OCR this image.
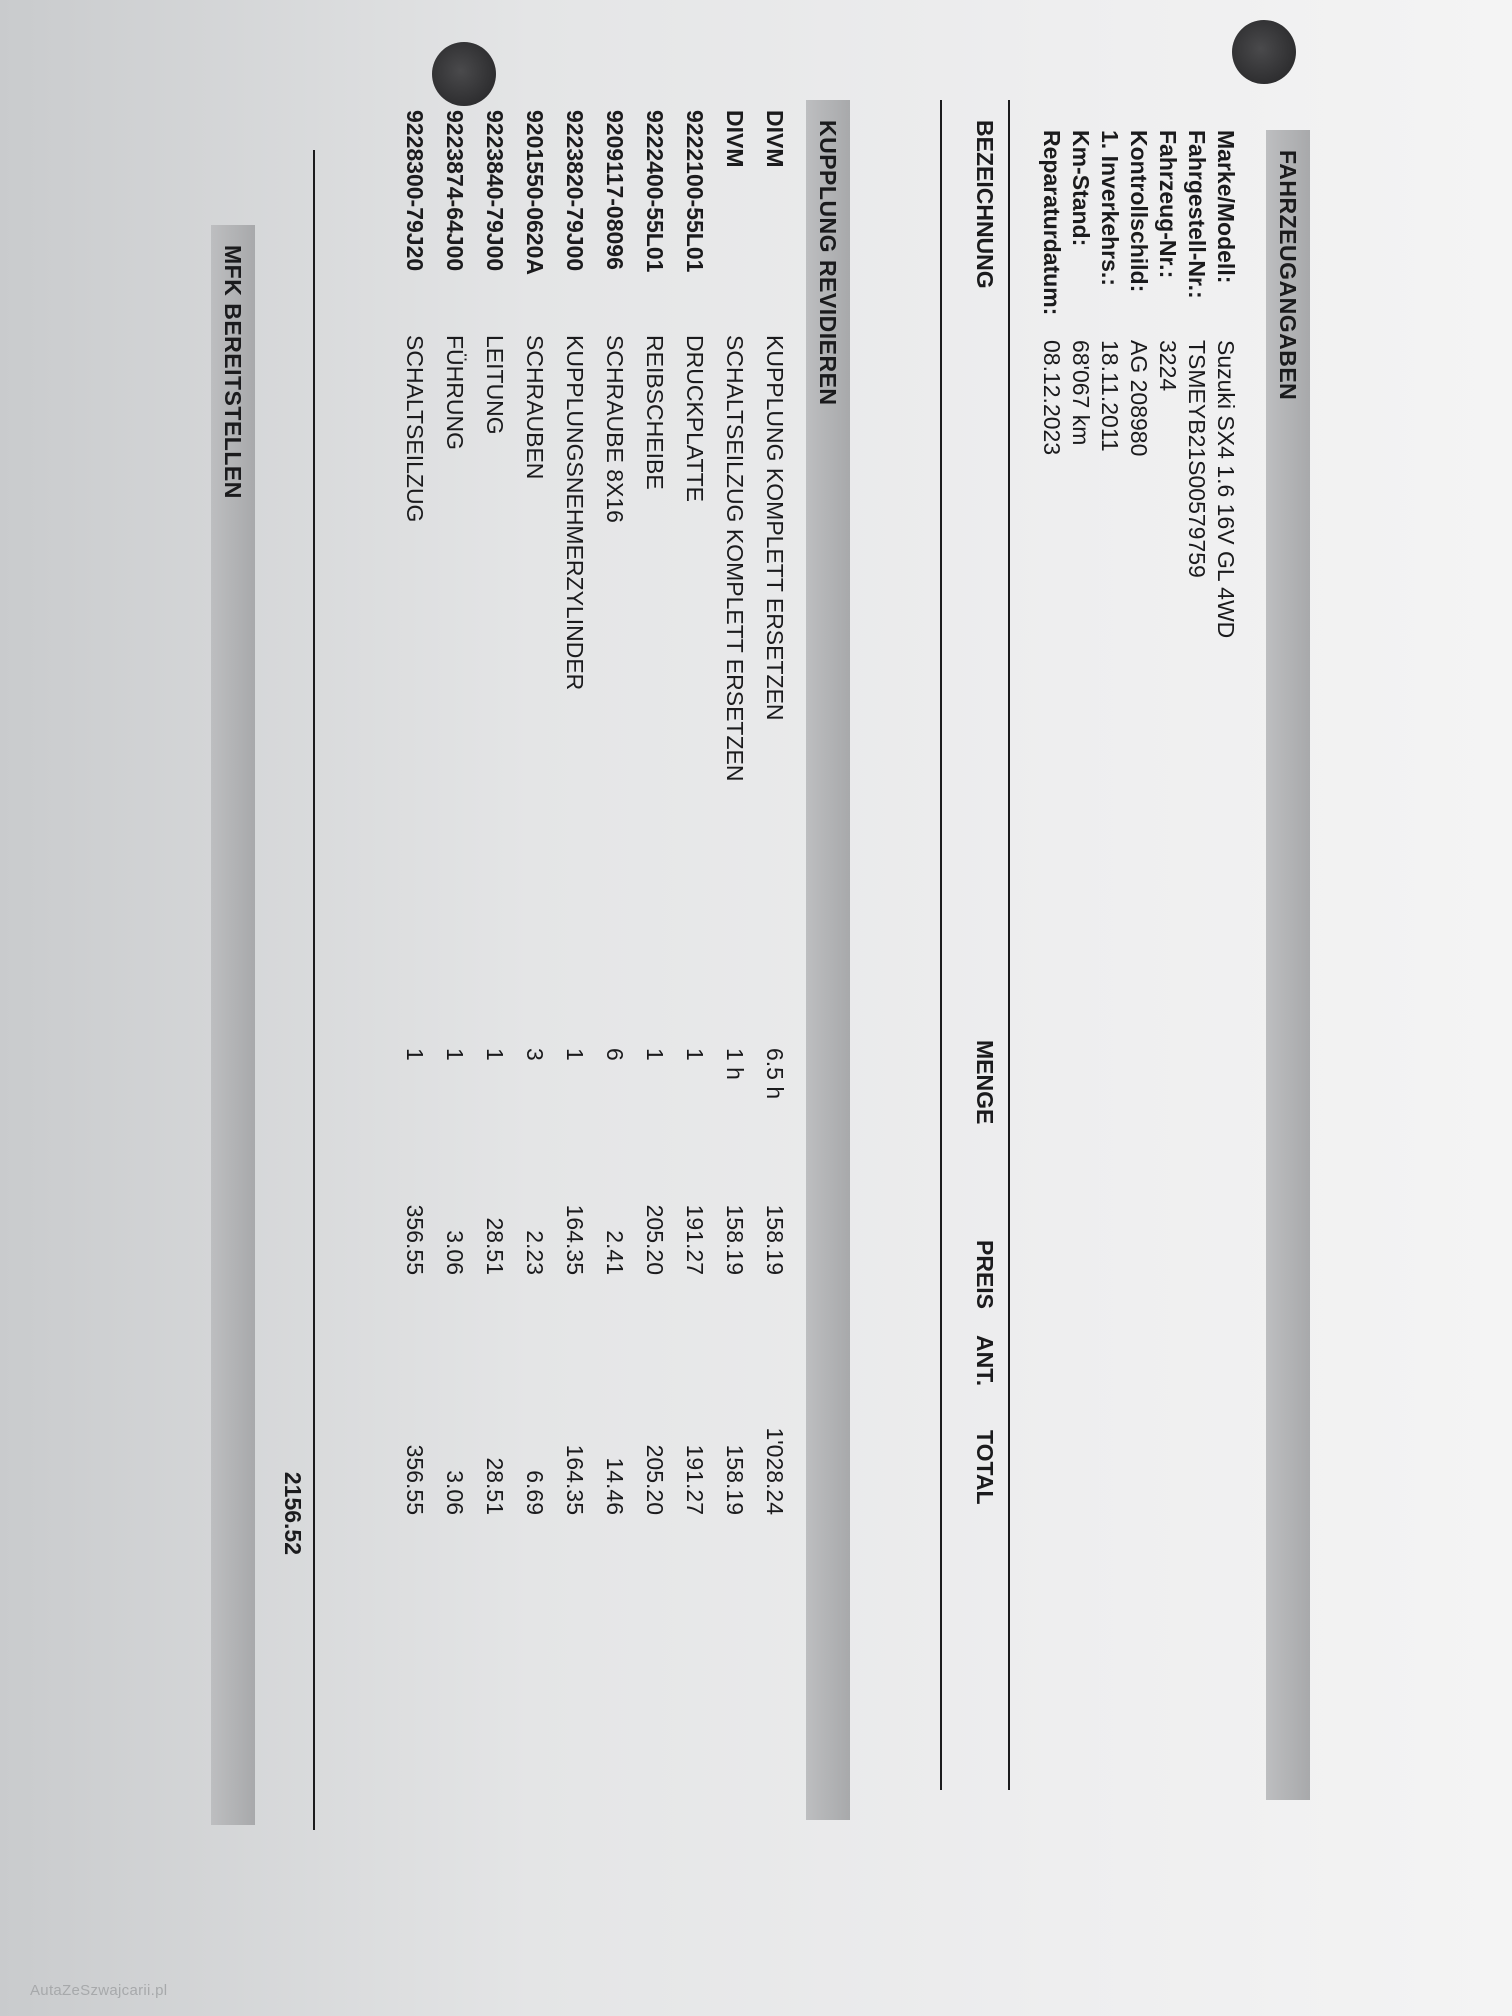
FAHRZEUGANGABEN
Marke/Modell:
Suzuki SX4 1.6 16V GL 4WD
Fahrgestell-Nr.:
TSMEYB21S00579759
Fahrzeug-Nr.:
3224
Kontrollschild:
AG 208980
1. Inverkehrs.:
18.11.2011
Km-Stand:
68'067 km
Reparaturdatum:
08.12.2023
BEZEICHNUNG
MENGE
PREIS
ANT.
TOTAL
KUPPLUNG REVIDIEREN
DIVM
KUPPLUNG KOMPLETT ERSETZEN
6.5 h
158.19
1'028.24
DIVM
SCHALTSEILZUG KOMPLETT ERSETZEN
1 h
158.19
158.19
9222100-55L01
DRUCKPLATTE
1
191.27
191.27
9222400-55L01
REIBSCHEIBE
1
205.20
205.20
9209117-08096
SCHRAUBE 8X16
6
2.41
14.46
9223820-79J00
KUPPLUNGSNEHMERZYLINDER
1
164.35
164.35
9201550-0620A
SCHRAUBEN
3
2.23
6.69
9223840-79J00
LEITUNG
1
28.51
28.51
9223874-64J00
FÜHRUNG
1
3.06
3.06
9228300-79J20
SCHALTSEILZUG
1
356.55
356.55
2156.52
MFK BEREITSTELLEN
AutaZeSzwajcarii.pl
